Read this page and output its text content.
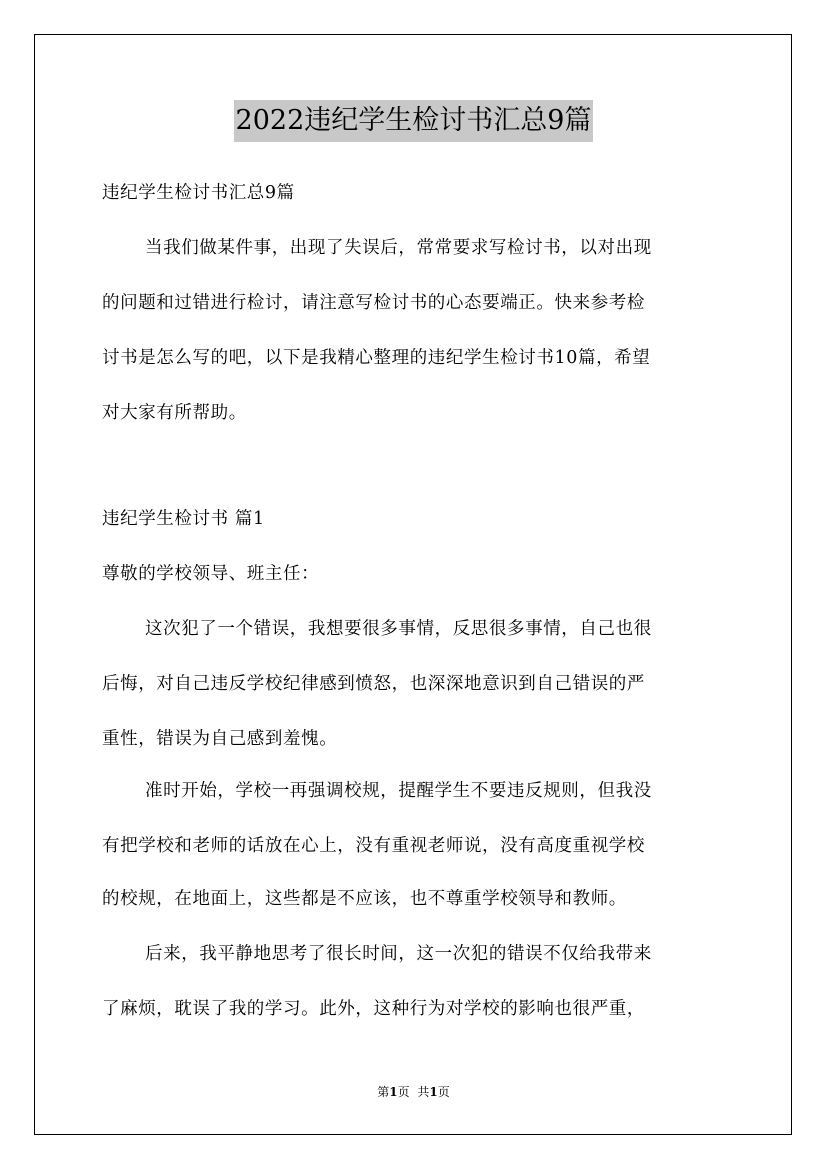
2022违纪学生检讨书汇总9篇
违纪学生检讨书汇总9篇
当我们做某件事，出现了失误后，常常要求写检讨书，以对出现
的问题和过错进行检讨，请注意写检讨书的心态要端正。快来参考检
讨书是怎么写的吧，以下是我精心整理的违纪学生检讨书10篇，希望
对大家有所帮助。
违纪学生检讨书 篇1
尊敬的学校领导、班主任：
这次犯了一个错误，我想要很多事情，反思很多事情，自己也很
后悔，对自己违反学校纪律感到愤怒，也深深地意识到自己错误的严
重性，错误为自己感到羞愧。
准时开始，学校一再强调校规，提醒学生不要违反规则，但我没
有把学校和老师的话放在心上，没有重视老师说，没有高度重视学校
的校规，在地面上，这些都是不应该，也不尊重学校领导和教师。
后来，我平静地思考了很长时间，这一次犯的错误不仅给我带来
了麻烦，耽误了我的学习。此外，这种行为对学校的影响也很严重，
第1页 共1页
